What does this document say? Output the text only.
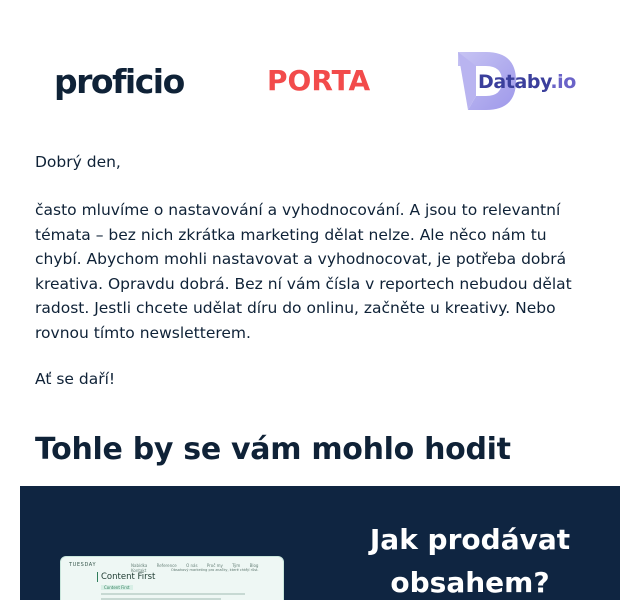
proficio	PORTA	Databy.io
Dobrý den,
často mluvíme o nastavování a vyhodnocování. A jsou to relevantní témata – bez nich zkrátka marketing dělat nelze. Ale něco nám tu chybí. Abychom mohli nastavovat a vyhodnocovat, je potřeba dobrá kreativa. Opravdu dobrá. Bez ní vám čísla v reportech nebudou dělat radost. Jestli chcete udělat díru do onlinu, začněte u kreativy. Nebo rovnou tímto newsletterem.
Ať se daří!
Tohle by se vám mohlo hodit
TUESDAY	Nabídka Reference O nás Proč my Tým Blog Kontakt
Content First
Obsahový marketing pro značky, které chtějí růst.
Content First
Jak prodávat obsahem?
